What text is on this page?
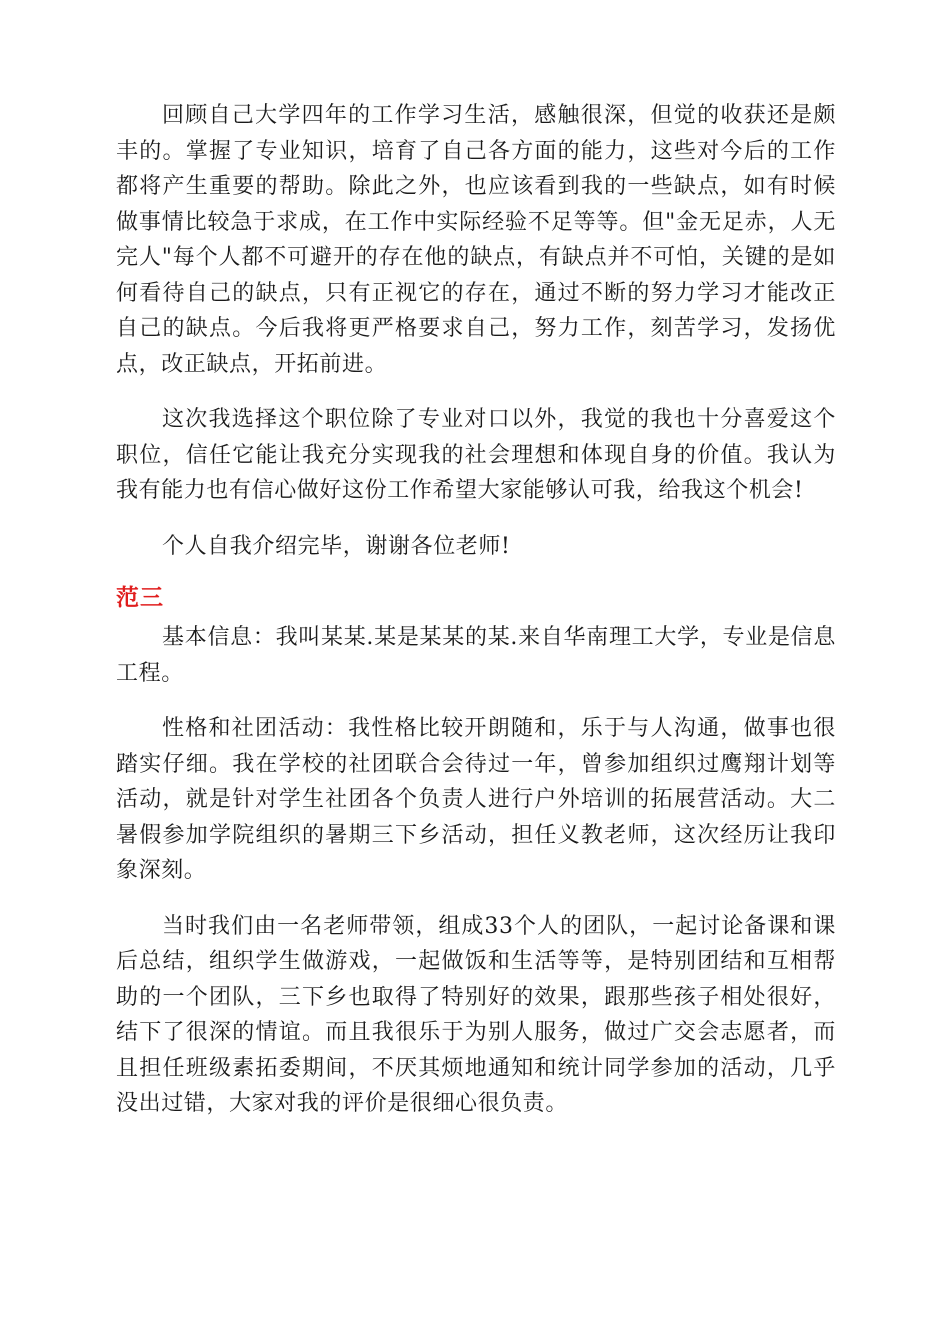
回顾自己大学四年的工作学习生活，感触很深，但觉的收获还是颇丰的。掌握了专业知识，培育了自己各方面的能力，这些对今后的工作都将产生重要的帮助。除此之外，也应该看到我的一些缺点，如有时候做事情比较急于求成，在工作中实际经验不足等等。但"金无足赤，人无完人"每个人都不可避开的存在他的缺点，有缺点并不可怕，关键的是如何看待自己的缺点，只有正视它的存在，通过不断的努力学习才能改正自己的缺点。今后我将更严格要求自己，努力工作，刻苦学习，发扬优点，改正缺点，开拓前进。

这次我选择这个职位除了专业对口以外，我觉的我也十分喜爱这个职位，信任它能让我充分实现我的社会理想和体现自身的价值。我认为我有能力也有信心做好这份工作希望大家能够认可我，给我这个机会!

个人自我介绍完毕，谢谢各位老师!

范三

基本信息：我叫某某.某是某某的某.来自华南理工大学，专业是信息工程。

性格和社团活动：我性格比较开朗随和，乐于与人沟通，做事也很踏实仔细。我在学校的社团联合会待过一年，曾参加组织过鹰翔计划等活动，就是针对学生社团各个负责人进行户外培训的拓展营活动。大二暑假参加学院组织的暑期三下乡活动，担任义教老师，这次经历让我印象深刻。

当时我们由一名老师带领，组成33个人的团队，一起讨论备课和课后总结，组织学生做游戏，一起做饭和生活等等，是特别团结和互相帮助的一个团队，三下乡也取得了特别好的效果，跟那些孩子相处很好，结下了很深的情谊。而且我很乐于为别人服务，做过广交会志愿者，而且担任班级素拓委期间，不厌其烦地通知和统计同学参加的活动，几乎没出过错，大家对我的评价是很细心很负责。
